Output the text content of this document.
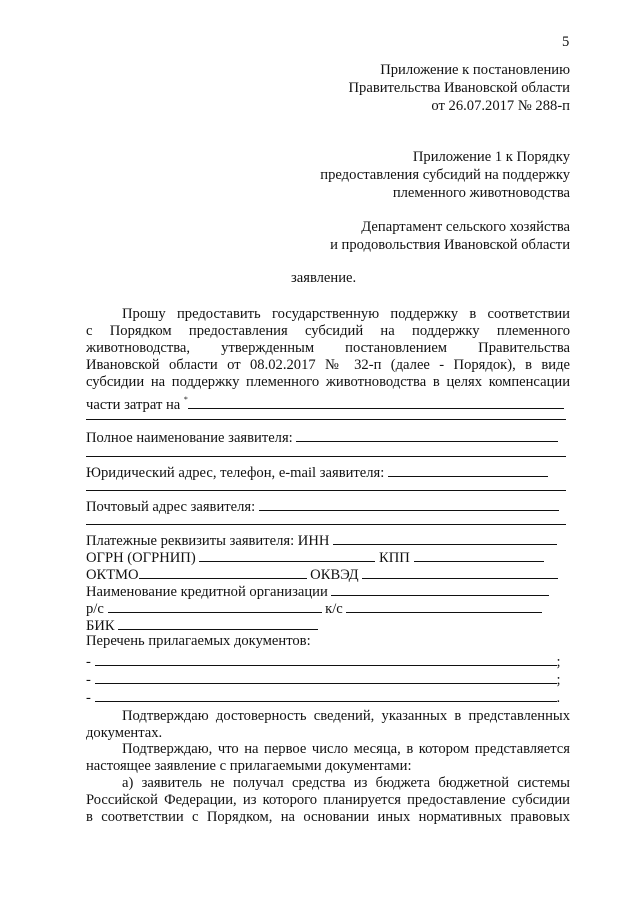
5
Приложение к постановлению
Правительства Ивановской области
от 26.07.2017 № 288-п
Приложение 1 к Порядку
предоставления субсидий на поддержку
племенного животноводства
Департамент сельского хозяйства
и продовольствия Ивановской области
заявление.
Прошу предоставить государственную поддержку в соответствии
с Порядком предоставления субсидий на поддержку племенного
животноводства, утвержденным постановлением Правительства
Ивановской области от 08.02.2017 № 32-п (далее - Порядок), в виде
субсидии на поддержку племенного животноводства в целях компенсации
части затрат на *
Полное наименование заявителя:
Юридический адрес, телефон, e-mail заявителя:
Почтовый адрес заявителя:
Платежные реквизиты заявителя: ИНН
ОГРН (ОГРНИП)	КПП
ОКТМО	ОКВЭД
Наименование кредитной организации
р/с	к/с
БИК
Перечень прилагаемых документов:
-	;
-	;
-	.
Подтверждаю достоверность сведений, указанных в представленных
документах.
Подтверждаю, что на первое число месяца, в котором представляется
настоящее заявление с прилагаемыми документами:
а) заявитель не получал средства из бюджета бюджетной системы
Российской Федерации, из которого планируется предоставление субсидии
в соответствии с Порядком, на основании иных нормативных правовых
